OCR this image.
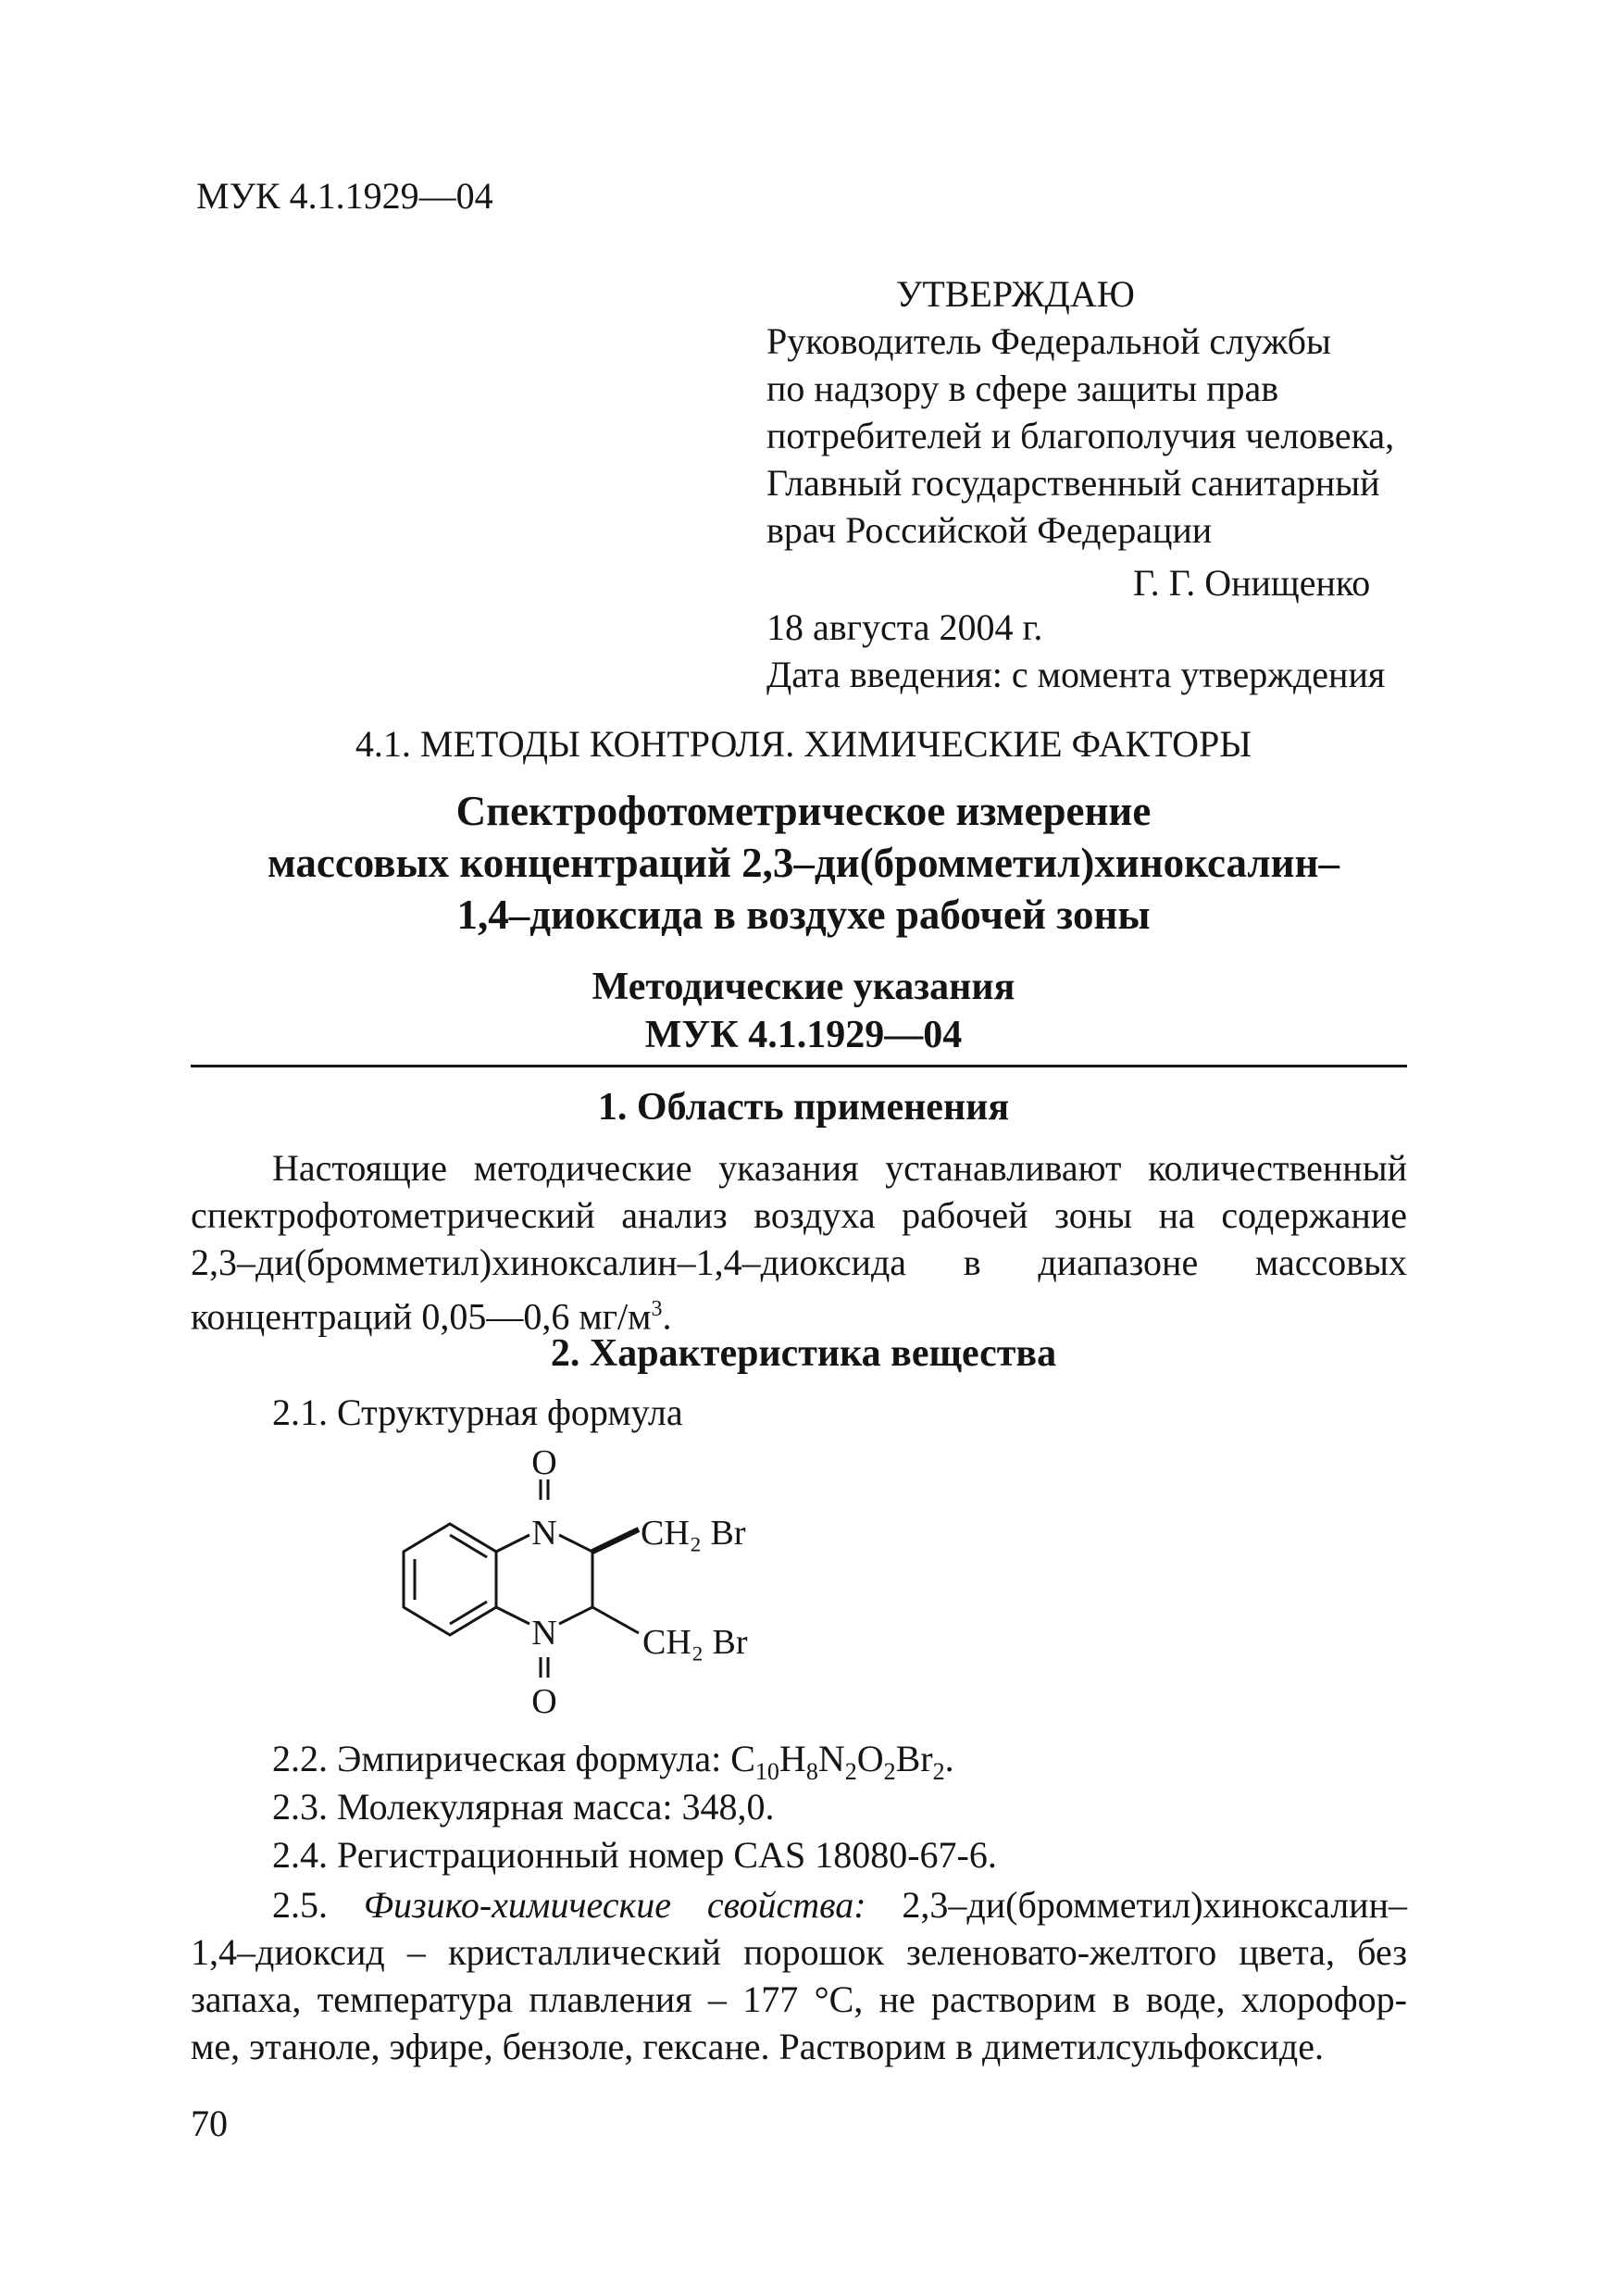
МУК 4.1.1929—04
УТВЕРЖДАЮ
Руководитель Федеральной службы
по надзору в сфере защиты прав
потребителей и благополучия человека,
Главный государственный санитарный
врач Российской Федерации
Г. Г. Онищенко
18 августа 2004 г.
Дата введения: с момента утверждения
4.1. МЕТОДЫ КОНТРОЛЯ. ХИМИЧЕСКИЕ ФАКТОРЫ
Спектрофотометрическое измерение
массовых концентраций 2,3–ди(бромметил)хиноксалин–
1,4–диоксида в воздухе рабочей зоны
Методические указания
МУК 4.1.1929—04
1. Область применения
Настоящие методические указания устанавливают количественный
спектрофотометрический анализ воздуха рабочей зоны на содержание
2,3–ди(бромметил)хиноксалин–1,4–диоксида в диапазоне массовых
концентраций 0,05—0,6 $мг/м^3$.
2. Характеристика вещества
2.1. Структурная формула
O
N
N
O
CH₂ Br
CH₂ Br
2.2. Эмпирическая формула: $C_{10}H_8N_2O_2Br_2$.
2.3. Молекулярная масса: 348,0.
2.4. Регистрационный номер CAS 18080-67-6.
2.5. Физико-химические свойства: 2,3–ди(бромметил)хиноксалин–
1,4–диоксид – кристаллический порошок зеленовато-желтого цвета, без
запаха, температура плавления – 177 °С, не растворим в воде, хлорофор-
ме, этаноле, эфире, бензоле, гексане. Растворим в диметилсульфоксиде.
70
